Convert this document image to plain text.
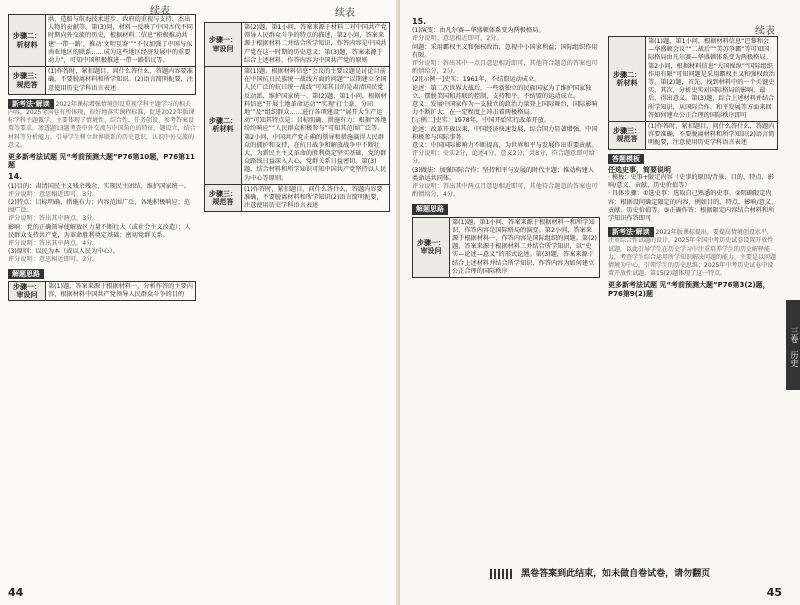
续表
步骤二：析材料	洪、造船与航海技术进步、政府的重视与支持、杰出人物的贡献等。第(3)问，材料一反映了中国古代不同时期向外交流的历史，根据材料二信息“积极推动共建‘一带一路’，推动‘文明互鉴’”“不仅加强了中国与东南亚地区的联系……成为这些地区经济发展中的重要动力”，可知中国积极推进一带一路倡议等。
步骤三：规范答	(1)作答时，紧扣题目，问什么答什么，答题内容要准确，不要脱离材料和所学知识。(2)语言简明扼要，注意使用历史学科语言表述
新考法·解读 2022年课标增强情境创设重视学科主题学习的相关内容，2025全国卷有所体现，很好地落实课程标准，促进2022年版课标学科主题教学，主要体现了情境性、综合性、任务创设、参考答案设置等要求，渗透题13题考查中外交流与中国角色的特征，题设立，结合材料等分析能力，引导学生树立世界联系的历史意识，认识中外交流的意义。
更多新考法试题 见“考前预测大题”P76第10题，P76第11题
14.
(1)目的：肃清国民主义残余残余，实现民主团结，维护国家统一。
评分说明：意思相近即可，3分。
(2)特点：目标明确，措施有力；内容范围广泛，各地积极响应；范围广泛。
评分说明：答出其中两点，3分。
影响：党的正确领导使解放区力量不断壮大（或社会主义改造）；人民群众支持共产党，为革命胜利奠定基础；密切党群关系。
评分说明：答出其中两点，4分。
(3)原则：以民为本（或以人民为中心）。
评分说明：意思相近即可，2分。
解题思路
步骤一：审设问	第(1)题，答案来源于根据材料一，分析作答的主要内容，根据材料中国共产党领导人民群众斗争的目的
续表
步骤一：审设问	第(2)题，第1小问，答案来源于材料二对中国共产党领导人民群众斗争的特点的描述，第2小问，答案来源于根据材料二并结合所学知识，作答内容是中国共产党在这一时期的历史意义；第(3)题，答案来源于综合上述材料，作答内容为中国共产党的原则
步骤二：析材料	第(1)题，根据材料信息“会议的主要议题是讨论目前在中国抗日民族统一战线方面的问题”“以期建立全国人民广泛的抗日统一战线”可知其目的是肃清国民党反动派，维护国家统一。第(2)题，第1小问，根据材料信息“开展土地革命运动”“实现‘打土豪、分田地’”及“组织群众……进行各项建设”“展开大生产运动”可知其特点是：目标明确、措施有力；根据“各地纷纷响应”“人民群众积极参与”可知其范围广泛等。第2小问，中国共产党正确的领导和措施赢得人民群众的拥护和支持，在抗日战争和解放战争中不断壮大，为新民主主义革命的胜利奠定坚实基础，党的群众路线日益深入人心，党群关系日益密切。第(3)题，结合材料和所学知识可知中国共产党坚持以人民为中心等原则。
步骤三：规范答	(1)作答时，紧扣题目，问什么答什么，答题内容要准确，不要脱离材料和所学知识(2)语言简明扼要，注意使用历史学科语言表述
44
15.
(1)演变：由凡尔赛—华盛顿体系变为两极格局。
评分说明：意思相近即可，2分。
问题：采用霸权主义和强权政治，忽视中小国家利益；国际组织作用有限。
评分说明：答出其中一点且意思相近即可，其他符合题意的答案也可酌情给分，2分。
(2)[示例一]史实：1961年，不结盟运动成立。
论述：第二次世界大战后，一些新独立的民族国家为了维护国家独立，摆脱美国和苏联的控制，支持和平、不结盟的运动成立。
意义：发展中国家作为一支独立的政治力量登上国际舞台，国际影响力不断扩大，在一定程度上冲击着两极格局。
[示例二]史实：1978年，中国开始实行改革开放。
论述：改革开放以来，中国经济快速发展，综合国力显著增强，中国积极参与国际事务。
意义：中国国际影响力不断提高，为世界和平与发展作出重要贡献。
评分说明：史实2分，论述4分，意义2分，共8分，符合题意即可给分。
(3)做法：加强国际合作；坚持和平与发展的时代主题；推动构建人类命运共同体。
评分说明：答出其中两点且意思相近即可，其他符合题意的答案也可酌情给分，4分。
解题思路
步骤一：审设问	第(1)题，第1小问，答案来源于根据材料一和所学知识，作答内容是国际格局的演变。第2小问，答案来源于根据材料一，作答内容是国际组织的问题。第(2)题，答案来源于根据材料二并结合所学知识，以“史实—论述—意义”的形式论述。第(3)题，答案来源于结合上述材料并结合所学知识，作答内容为如何建立公正合理的国际秩序
续表
步骤二：析材料	第(1)题，第1小问，根据材料信息“巴黎和会—华盛顿会议”“二战后”“美苏争霸”等可知国际格局由凡尔赛—华盛顿体系变为两极格局。第2小问，根据材料信息“大国操纵”“国际组织作用有限”可知问题是采用霸权主义和强权政治等。第(2)题，首先，找到材料中的一个关键史实，其次，分析史实对国际格局的影响，最后，得出意义。第(3)题，综合上述材料并结合所学知识，从国际合作、和平发展等方面来回答如何建立公正合理的国际秩序即可
步骤三：规范答	(1)作答时，紧扣题目，问什么答什么，答题内容要准确，不要脱离材料和所学知识(2)语言简明扼要，注意使用历史学科语言表述
答题模板
任选史事，简要说明
· 模板：史事+限定内容（史事的原因/背景、目的、特点、影响/意义、贡献、历史价值等）
· 具体步骤：①选史事：选取自己熟悉的史事。②明确限定内容：根据设问确定限定的内容，例如目的、特点、影响/意义、贡献、历史价值等。③正确作答：根据限定内容结合材料和所学知识作答即可
新考法·解读 2022年版课标提出，要提高情境创设水平，注重综合性试题的设计，2025年全国中考历史试卷设置开放性试题，以此引导学生在历史学习中注重培养学生的历史解释能力，考查学生综合运用所学知识解决问题的能力，主要是以问题情境为中心，引领学生的历史思维；2025年中考历史试卷中设置开放性试题，第15(2)题体现了这一特点。
更多新考法试题 见“考前预测大题”P76第3(2)题，P76第9(2)题
三卷　历史
45
黑卷答案到此结束，如未做自卷试卷，请勿翻页
